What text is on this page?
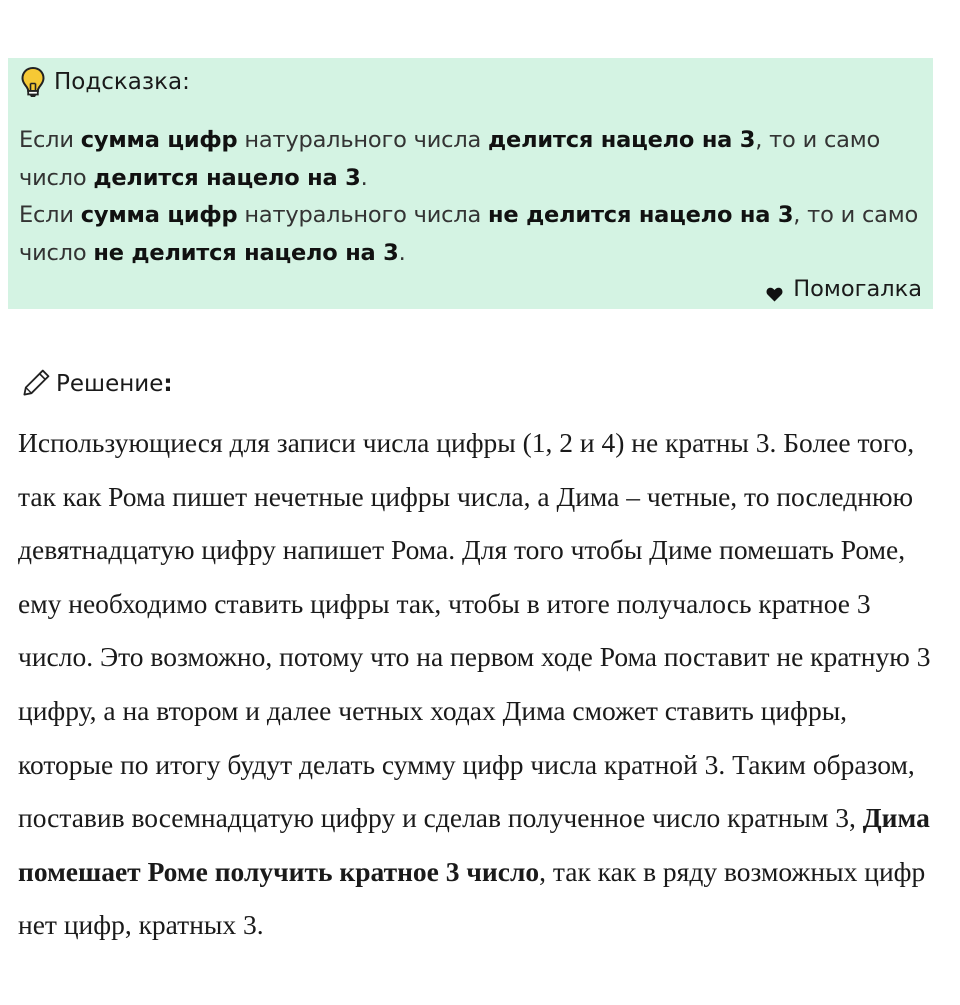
Подсказка:
Если сумма цифр натурального числа делится нацело на 3, то и само число делится нацело на 3.
Если сумма цифр натурального числа не делится нацело на 3, то и само число не делится нацело на 3.
Помогалка
Решение :
Использующиеся для записи числа цифры (1, 2 и 4) не кратны 3. Более того, так как Рома пишет нечетные цифры числа, а Дима – четные, то последнюю девятнадцатую цифру напишет Рома. Для того чтобы Диме помешать Роме, ему необходимо ставить цифры так, чтобы в итоге получалось кратное 3 число. Это возможно, потому что на первом ходе Рома поставит не кратную 3 цифру, а на втором и далее четных ходах Дима сможет ставить цифры, которые по итогу будут делать сумму цифр числа кратной 3. Таким образом, поставив восемнадцатую цифру и сделав полученное число кратным 3, Дима помешает Роме получить кратное 3 число, так как в ряду возможных цифр нет цифр, кратных 3.
